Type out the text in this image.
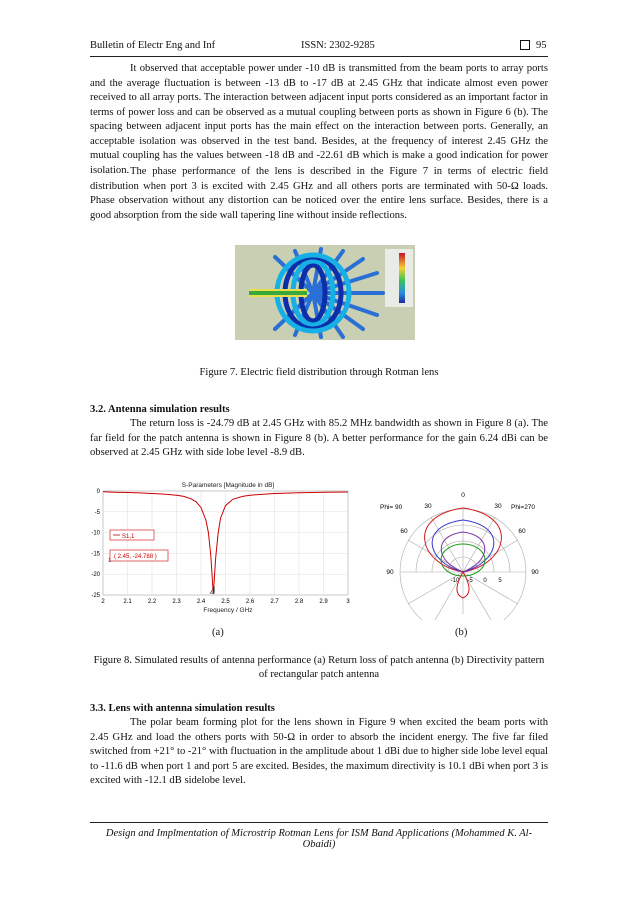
Bulletin of Electr Eng and Inf	ISSN: 2302-9285	95

It observed that acceptable power under -10 dB is transmitted from the beam ports to array ports and the average fluctuation is between -13 dB to -17 dB at 2.45 GHz that indicate almost even power received to all array ports. The interaction between adjacent input ports considered as an important factor in terms of power loss and can be observed as a mutual coupling between ports as shown in Figure 6 (b). The spacing between adjacent input ports has the main effect on the interaction between ports. Generally, an acceptable isolation was observed in the test band. Besides, at the frequency of interest 2.45 GHz the mutual coupling has the values between -18 dB and -22.61 dB which is make a good indication for power isolation. The phase performance of the lens is described in the Figure 7 in terms of electric field distribution when port 3 is excited with 2.45 GHz and all others ports are terminated with 50-Ω loads. Phase observation without any distortion can be noticed over the entire lens surface. Besides, there is a good absorption from the side wall tapering line without inside reflections.

Figure 7. Electric field distribution through Rotman lens
3.2. Antenna simulation results

The return loss is -24.79 dB at 2.45 GHz with 85.2 MHz bandwidth as shown in Figure 8 (a). The far field for the patch antenna is shown in Figure 8 (b). A better performance for the gain 6.24 dBi can be observed at 2.45 GHz with side lobe level -8.9 dB.

S-Parameters [Magnitude in dB]
0
-5
-10
-15
-20
-25
2	2.1	2.2	2.3	2.4	2.5	2.6	2.7	2.8	2.9	3
S1,1
1
( 2.45, -24.788 )
Frequency / GHz
0
30	30
60	60
90	90
Phi= 90	Phi=270
-10 -5 0 5
(a)	(b)
Figure 8. Simulated results of antenna performance (a) Return loss of patch antenna (b) Directivity pattern of rectangular patch antenna
3.3. Lens with antenna simulation results

The polar beam forming plot for the lens shown in Figure 9 when excited the beam ports with 2.45 GHz and load the others ports with 50-Ω in order to absorb the incident energy. The five far filed switched from +21° to -21° with fluctuation in the amplitude about 1 dBi due to higher side lobe level equal to -11.6 dB when port 1 and port 5 are excited. Besides, the maximum directivity is 10.1 dBi when port 3 is excited with -12.1 dB sidelobe level.

Design and Implmentation of Microstrip Rotman Lens for ISM Band Applications (Mohammed K. Al-Obaidi)
